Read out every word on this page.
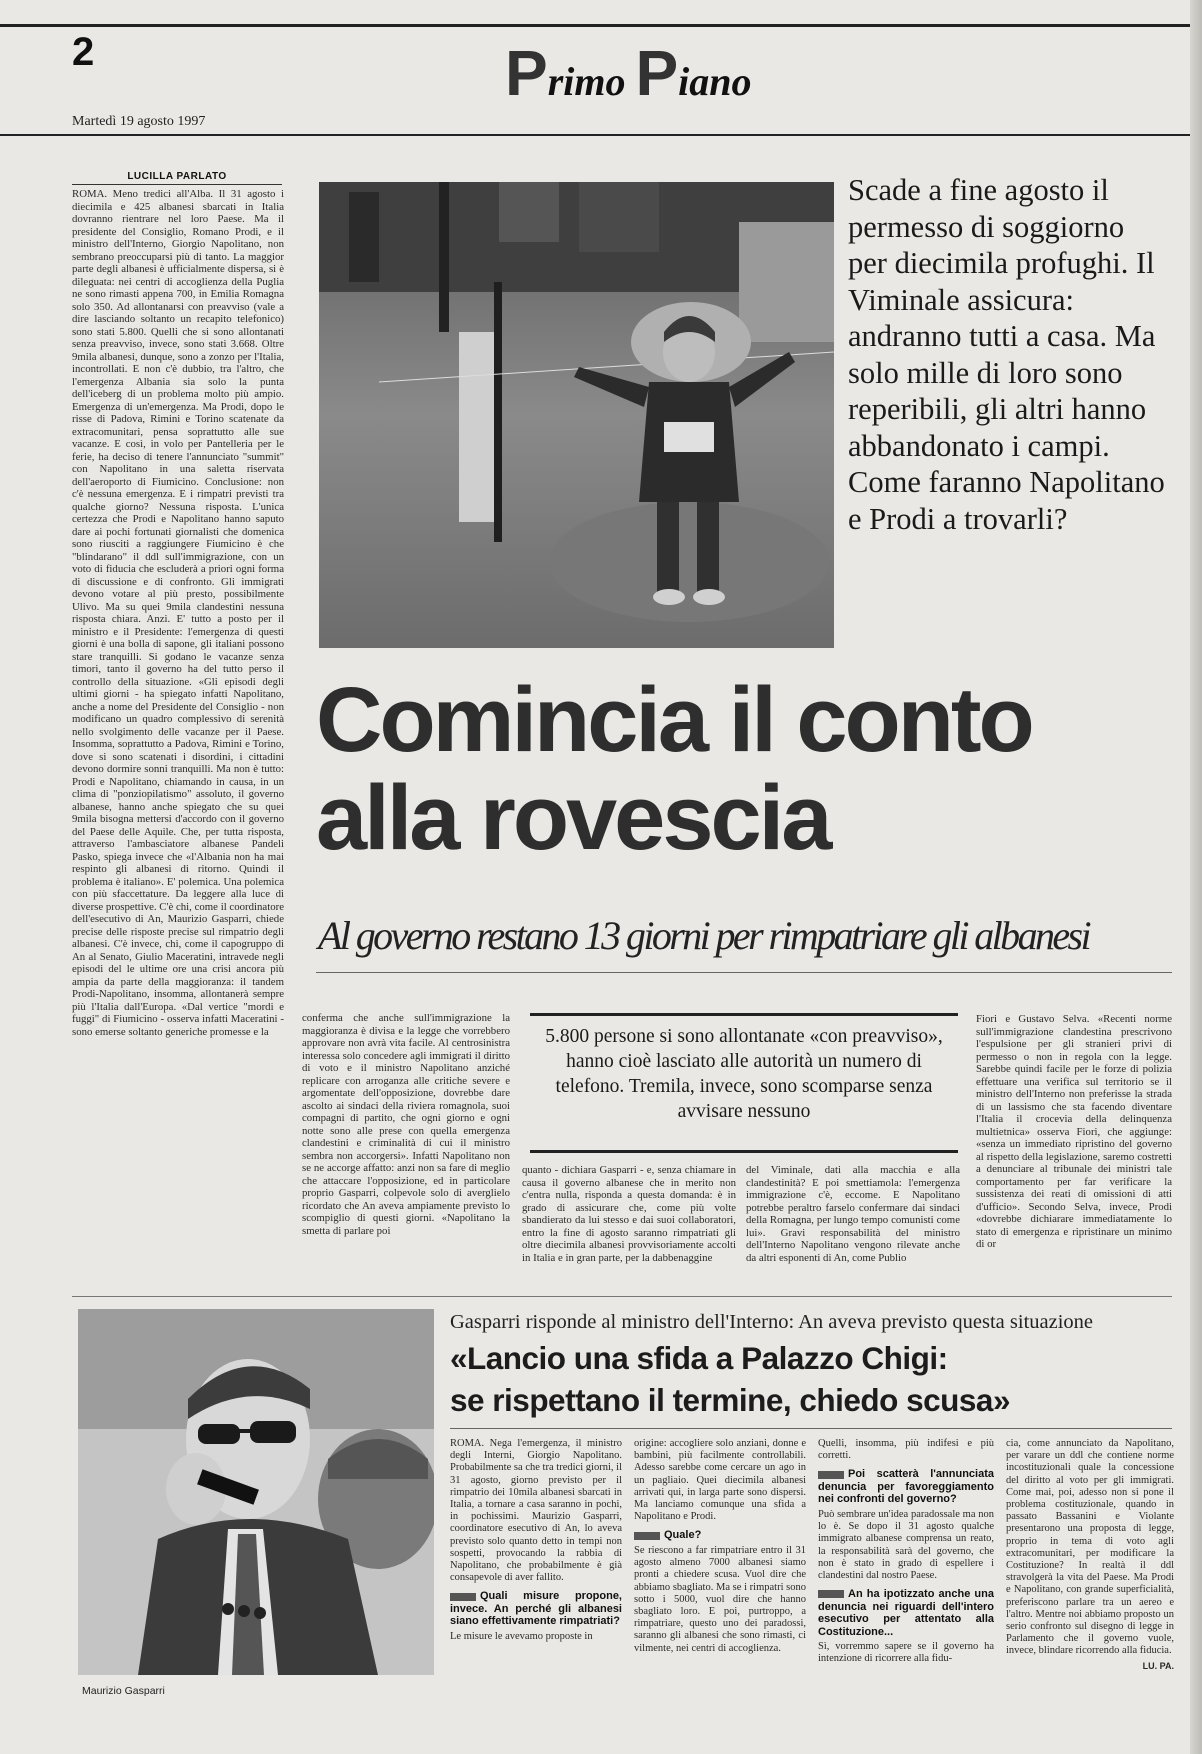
2	Primo Piano
Martedì 19 agosto 1997
LUCILLA PARLATO
ROMA. Meno tredici all'Alba. Il 31 agosto i diecimila e 425 albanesi sbarcati in Italia dovranno rientrare nel loro Paese. Ma il presidente del Consiglio, Romano Prodi, e il ministro dell'Interno, Giorgio Napolitano, non sembrano preoccuparsi più di tanto. La maggior parte degli albanesi è ufficialmente dispersa, si è dileguata: nei centri di accoglienza della Puglia ne sono rimasti appena 700, in Emilia Romagna solo 350. Ad allontanarsi con preavviso (vale a dire lasciando soltanto un recapito telefonico) sono stati 5.800. Quelli che si sono allontanati senza preavviso, invece, sono stati 3.668. Oltre 9mila albanesi, dunque, sono a zonzo per l'Italia, incontrollati. E non c'è dubbio, tra l'altro, che l'emergenza Albania sia solo la punta dell'iceberg di un problema molto più ampio. Emergenza di un'emergenza. Ma Prodi, dopo le risse di Padova, Rimini e Torino scatenate da extracomunitari, pensa soprattutto alle sue vacanze. E così, in volo per Pantelleria per le ferie, ha deciso di tenere l'annunciato "summit" con Napolitano in una saletta riservata dell'aeroporto di Fiumicino. Conclusione: non c'è nessuna emergenza. E i rimpatri previsti tra qualche giorno? Nessuna risposta. L'unica certezza che Prodi e Napolitano hanno saputo dare ai pochi fortunati giornalisti che domenica sono riusciti a raggiungere Fiumicino è che "blindarano" il ddl sull'immigrazione, con un voto di fiducia che escluderà a priori ogni forma di discussione e di confronto. Gli immigrati devono votare al più presto, possibilmente Ulivo. Ma su quei 9mila clandestini nessuna risposta chiara. Anzi. E' tutto a posto per il ministro e il Presidente: l'emergenza di questi giorni è una bolla di sapone, gli italiani possono stare tranquilli. Si godano le vacanze senza timori, tanto il governo ha del tutto perso il controllo della situazione. «Gli episodi degli ultimi giorni - ha spiegato infatti Napolitano, anche a nome del Presidente del Consiglio - non modificano un quadro complessivo di serenità nello svolgimento delle vacanze per il Paese. Insomma, soprattutto a Padova, Rimini e Torino, dove si sono scatenati i disordini, i cittadini devono dormire sonni tranquilli. Ma non è tutto: Prodi e Napolitano, chiamando in causa, in un clima di "ponziopilatismo" assoluto, il governo albanese, hanno anche spiegato che su quei 9mila bisogna mettersi d'accordo con il governo del Paese delle Aquile. Che, per tutta risposta, attraverso l'ambasciatore albanese Pandeli Pasko, spiega invece che «l'Albania non ha mai respinto gli albanesi di ritorno. Quindi il problema è italiano». E' polemica. Una polemica con più sfaccettature. Da leggere alla luce di diverse prospettive. C'è chi, come il coordinatore dell'esecutivo di An, Maurizio Gasparri, chiede precise delle risposte precise sul rimpatrio degli albanesi. C'è invece, chi, come il capogruppo di An al Senato, Giulio Maceratini, intravede negli episodi del le ultime ore una crisi ancora più ampia da parte della maggioranza: il tandem Prodi-Napolitano, insomma, allontanerà sempre più l'Italia dall'Europa. «Dal vertice "mordi e fuggi" di Fiumicino - osserva infatti Maceratini - sono emerse soltanto generiche promesse e la
Scade a fine agosto il permesso di soggiorno per diecimila profughi. Il Viminale assicura: andranno tutti a casa. Ma solo mille di loro sono reperibili, gli altri hanno abbandonato i campi. Come faranno Napolitano e Prodi a trovarli?
Comincia il conto
alla rovescia
Al governo restano 13 giorni per rimpatriare gli albanesi
conferma che anche sull'immigrazione la maggioranza è divisa e la legge che vorrebbero approvare non avrà vita facile. Al centrosinistra interessa solo concedere agli immigrati il diritto di voto e il ministro Napolitano anziché replicare con arroganza alle critiche severe e argomentate dell'opposizione, dovrebbe dare ascolto ai sindaci della riviera romagnola, suoi compagni di partito, che ogni giorno e ogni notte sono alle prese con quella emergenza clandestini e criminalità di cui il ministro sembra non accorgersi». Infatti Napolitano non se ne accorge affatto: anzi non sa fare di meglio che attaccare l'opposizione, ed in particolare proprio Gasparri, colpevole solo di averglielo ricordato che An aveva ampiamente previsto lo scompiglio di questi giorni. «Napolitano la smetta di parlare poi
5.800 persone si sono allontanate «con preavviso», hanno cioè lasciato alle autorità un numero di telefono. Tremila, invece, sono scomparse senza avvisare nessuno
quanto - dichiara Gasparri - e, senza chiamare in causa il governo albanese che in merito non c'entra nulla, risponda a questa domanda: è in grado di assicurare che, come più volte sbandierato da lui stesso e dai suoi collaboratori, entro la fine di agosto saranno rimpatriati gli oltre diecimila albanesi provvisoriamente accolti in Italia e in gran parte, per la dabbenaggine
del Viminale, dati alla macchia e alla clandestinità? E poi smettiamola: l'emergenza immigrazione c'è, eccome. E Napolitano potrebbe peraltro farselo confermare dai sindaci della Romagna, per lungo tempo comunisti come lui». Gravi responsabilità del ministro dell'Interno Napolitano vengono rilevate anche da altri esponenti di An, come Publio
Fiori e Gustavo Selva. «Recenti norme sull'immigrazione clandestina prescrivono l'espulsione per gli stranieri privi di permesso o non in regola con la legge. Sarebbe quindi facile per le forze di polizia effettuare una verifica sul territorio se il ministro dell'Interno non preferisse la strada di un lassismo che sta facendo diventare l'Italia il crocevia della delinquenza multietnica» osserva Fiori, che aggiunge: «senza un immediato ripristino del governo al rispetto della legislazione, saremo costretti a denunciare al tribunale dei ministri tale comportamento per far verificare la sussistenza dei reati di omissioni di atti d'ufficio». Secondo Selva, invece, Prodi «dovrebbe dichiarare immediatamente lo stato di emergenza e ripristinare un minimo di or
Maurizio Gasparri
Gasparri risponde al ministro dell'Interno: An aveva previsto questa situazione
«Lancio una sfida a Palazzo Chigi:
se rispettano il termine, chiedo scusa»
ROMA. Nega l'emergenza, il ministro degli Interni, Giorgio Napolitano. Probabilmente sa che tra tredici giorni, il 31 agosto, giorno previsto per il rimpatrio dei 10mila albanesi sbarcati in Italia, a tornare a casa saranno in pochi, in pochissimi. Maurizio Gasparri, coordinatore esecutivo di An, lo aveva previsto solo quanto detto in tempi non sospetti, provocando la rabbia di Napolitano, che probabilmente è già consapevole di aver fallito.
Quali misure propone, invece. An perché gli albanesi siano effettivamente rimpatriati?
Le misure le avevamo proposte in
origine: accogliere solo anziani, donne e bambini, più facilmente controllabili. Adesso sarebbe come cercare un ago in un pagliaio. Quei diecimila albanesi arrivati qui, in larga parte sono dispersi. Ma lanciamo comunque una sfida a Napolitano e Prodi.
Quale?
Se riescono a far rimpatriare entro il 31 agosto almeno 7000 albanesi siamo pronti a chiedere scusa. Vuol dire che abbiamo sbagliato. Ma se i rimpatri sono sotto i 5000, vuol dire che hanno sbagliato loro. E poi, purtroppo, a rimpatriare, questo uno dei paradossi, saranno gli albanesi che sono rimasti, ci vilmente, nei centri di accoglienza.
Quelli, insomma, più indifesi e più corretti.
Poi scatterà l'annunciata denuncia per favoreggiamento nei confronti del governo?
Può sembrare un'idea paradossale ma non lo è. Se dopo il 31 agosto qualche immigrato albanese comprensa un reato, la responsabilità sarà del governo, che non è stato in grado di espellere i clandestini dal nostro Paese.
An ha ipotizzato anche una denuncia nei riguardi dell'intero esecutivo per attentato alla Costituzione...
Sì, vorremmo sapere se il governo ha intenzione di ricorrere alla fidu-
cia, come annunciato da Napolitano, per varare un ddl che contiene norme incostituzionali quale la concessione del diritto al voto per gli immigrati. Come mai, poi, adesso non si pone il problema costituzionale, quando in passato Bassanini e Violante presentarono una proposta di legge, proprio in tema di voto agli extracomunitari, per modificare la Costituzione? In realtà il ddl stravolgerà la vita del Paese. Ma Prodi e Napolitano, con grande superficialità, preferiscono parlare tra un aereo e l'altro. Mentre noi abbiamo proposto un serio confronto sul disegno di legge in Parlamento che il governo vuole, invece, blindare ricorrendo alla fiducia.
LU. PA.
